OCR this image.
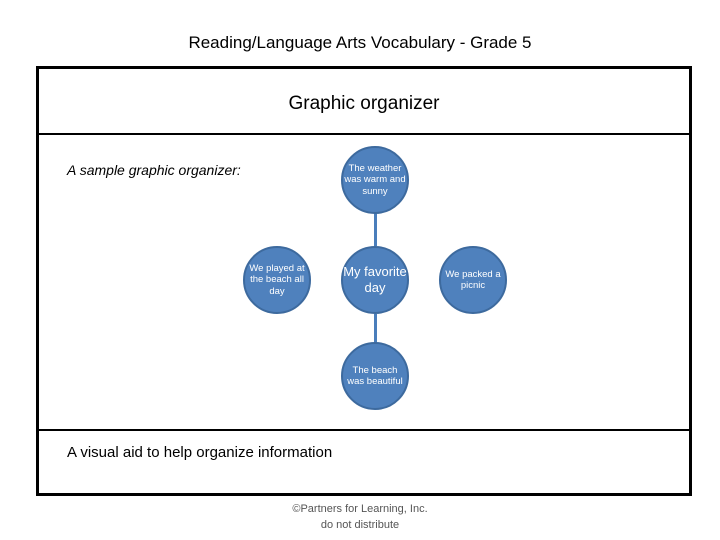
Reading/Language Arts Vocabulary - Grade 5
Graphic organizer
A sample graphic organizer:	The weather was warm and sunny
We played at the beach all day
My favorite day
We packed a picnic
The beach was beautiful
A visual aid to help organize information
©Partners for Learning, Inc.
do not distribute
